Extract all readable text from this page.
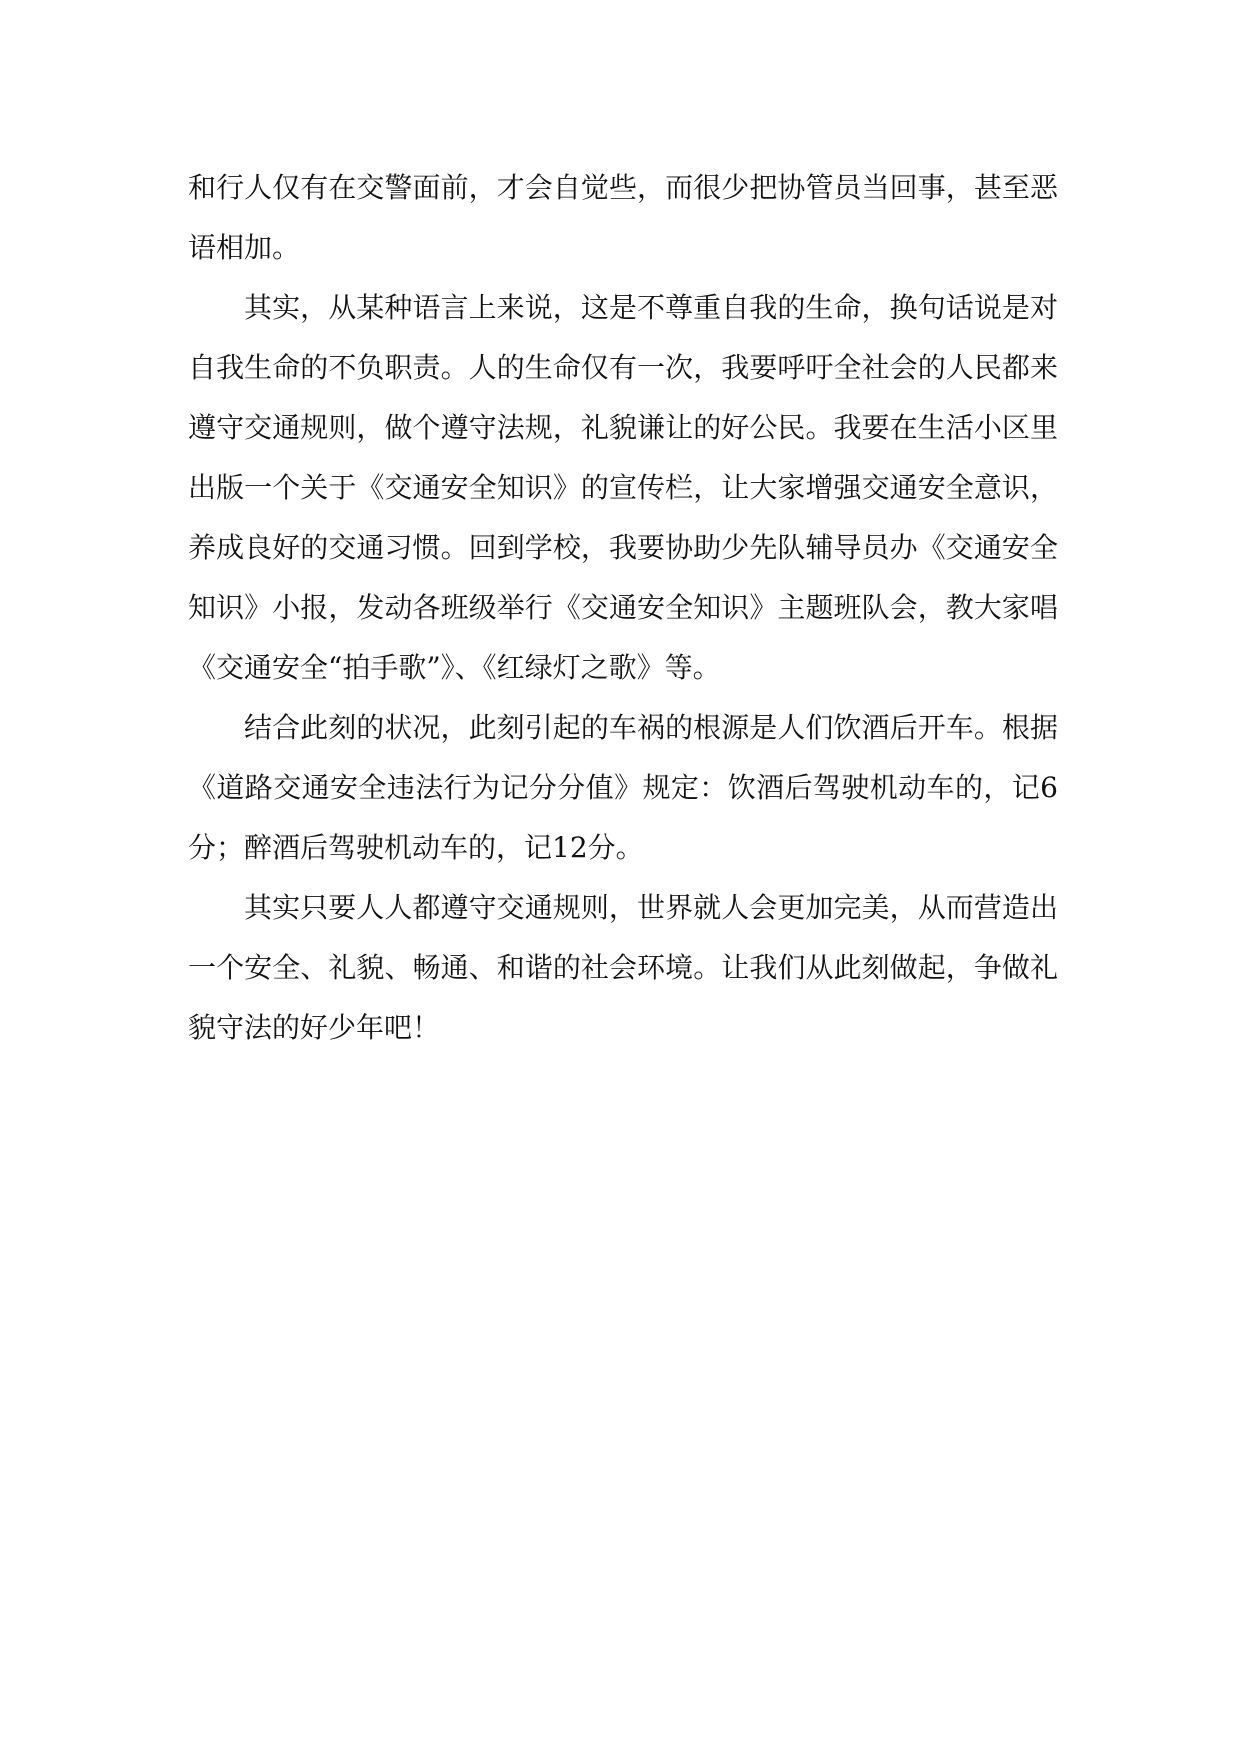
和行人仅有在交警面前，才会自觉些，而很少把协管员当回事，甚至恶语相加。

其实，从某种语言上来说，这是不尊重自我的生命，换句话说是对自我生命的不负职责。人的生命仅有一次，我要呼吁全社会的人民都来遵守交通规则，做个遵守法规，礼貌谦让的好公民。我要在生活小区里出版一个关于《交通安全知识》的宣传栏，让大家增强交通安全意识，养成良好的交通习惯。回到学校，我要协助少先队辅导员办《交通安全知识》小报，发动各班级举行《交通安全知识》主题班队会，教大家唱《交通安全“拍手歌”》、《红绿灯之歌》等。

结合此刻的状况，此刻引起的车祸的根源是人们饮酒后开车。根据《道路交通安全违法行为记分分值》规定：饮酒后驾驶机动车的，记6分；醉酒后驾驶机动车的，记12分。

其实只要人人都遵守交通规则，世界就人会更加完美，从而营造出一个安全、礼貌、畅通、和谐的社会环境。让我们从此刻做起，争做礼貌守法的好少年吧！
